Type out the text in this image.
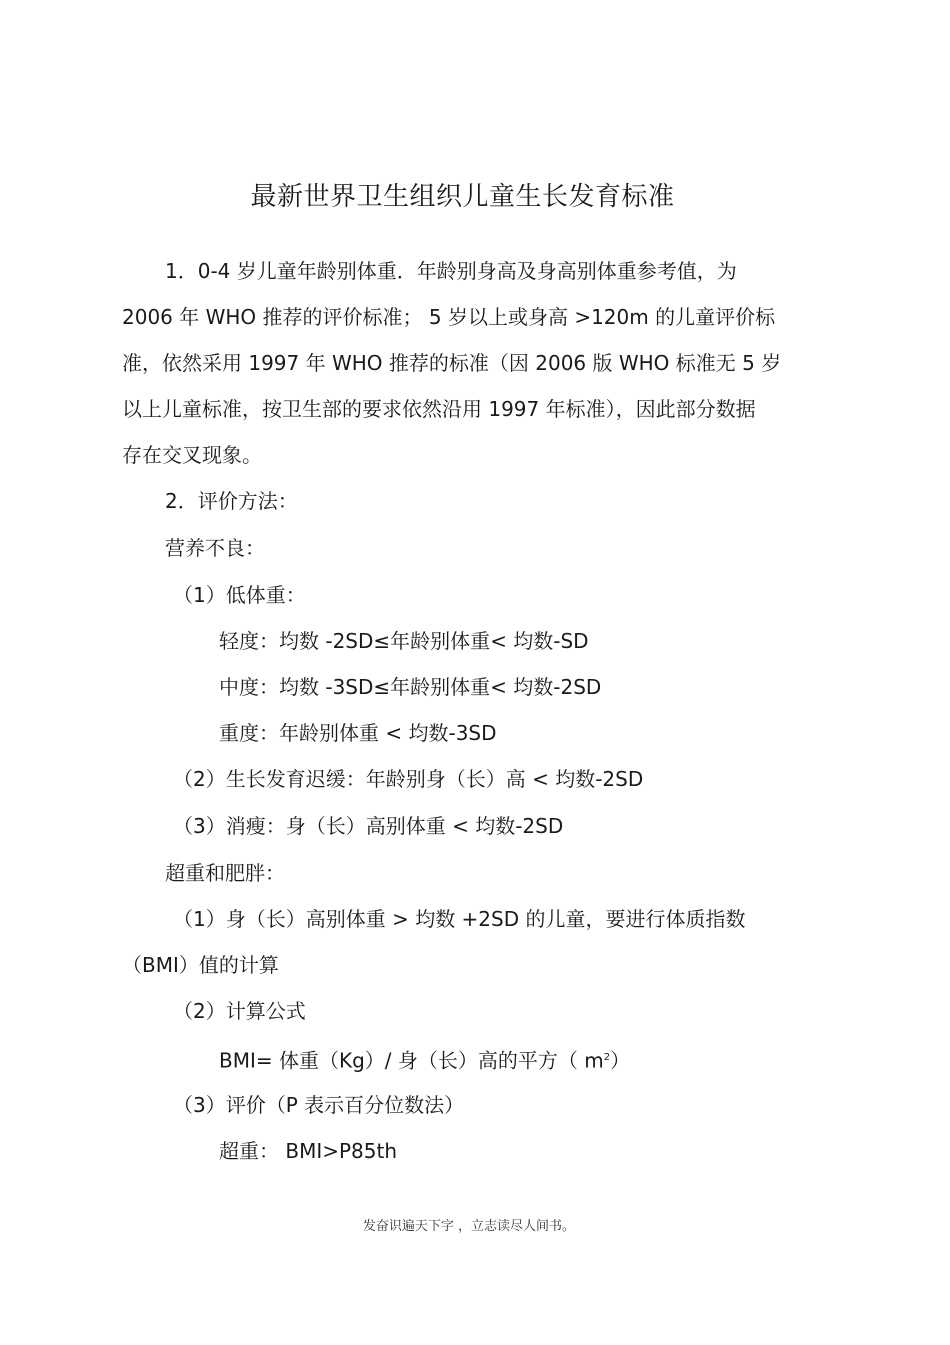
最新世界卫生组织儿童生长发育标准
1．0-4 岁儿童年龄别体重．年龄别身高及身高别体重参考值，为
2006 年 WHO 推荐的评价标准； 5 岁以上或身高 >120m 的儿童评价标
准，依然采用 1997 年 WHO 推荐的标准（因 2006 版 WHO 标准无 5 岁
以上儿童标准，按卫生部的要求依然沿用 1997 年标准），因此部分数据
存在交叉现象。
2．评价方法：
营养不良：
（1）低体重：
轻度：均数 -2SD≤年龄别体重< 均数-SD
中度：均数 -3SD≤年龄别体重< 均数-2SD
重度：年龄别体重 < 均数-3SD
（2）生长发育迟缓：年龄别身（长）高 < 均数-2SD
（3）消瘦：身（长）高别体重 < 均数-2SD
超重和肥胖：
（1）身（长）高别体重 > 均数 +2SD 的儿童，要进行体质指数
（BMI）值的计算
（2）计算公式
BMI= 体重（Kg）/ 身（长）高的平方（ $m^2$）
（3）评价（P 表示百分位数法）
超重： BMI>P85th
发奋识遍天下字 ，立志读尽人间书。
